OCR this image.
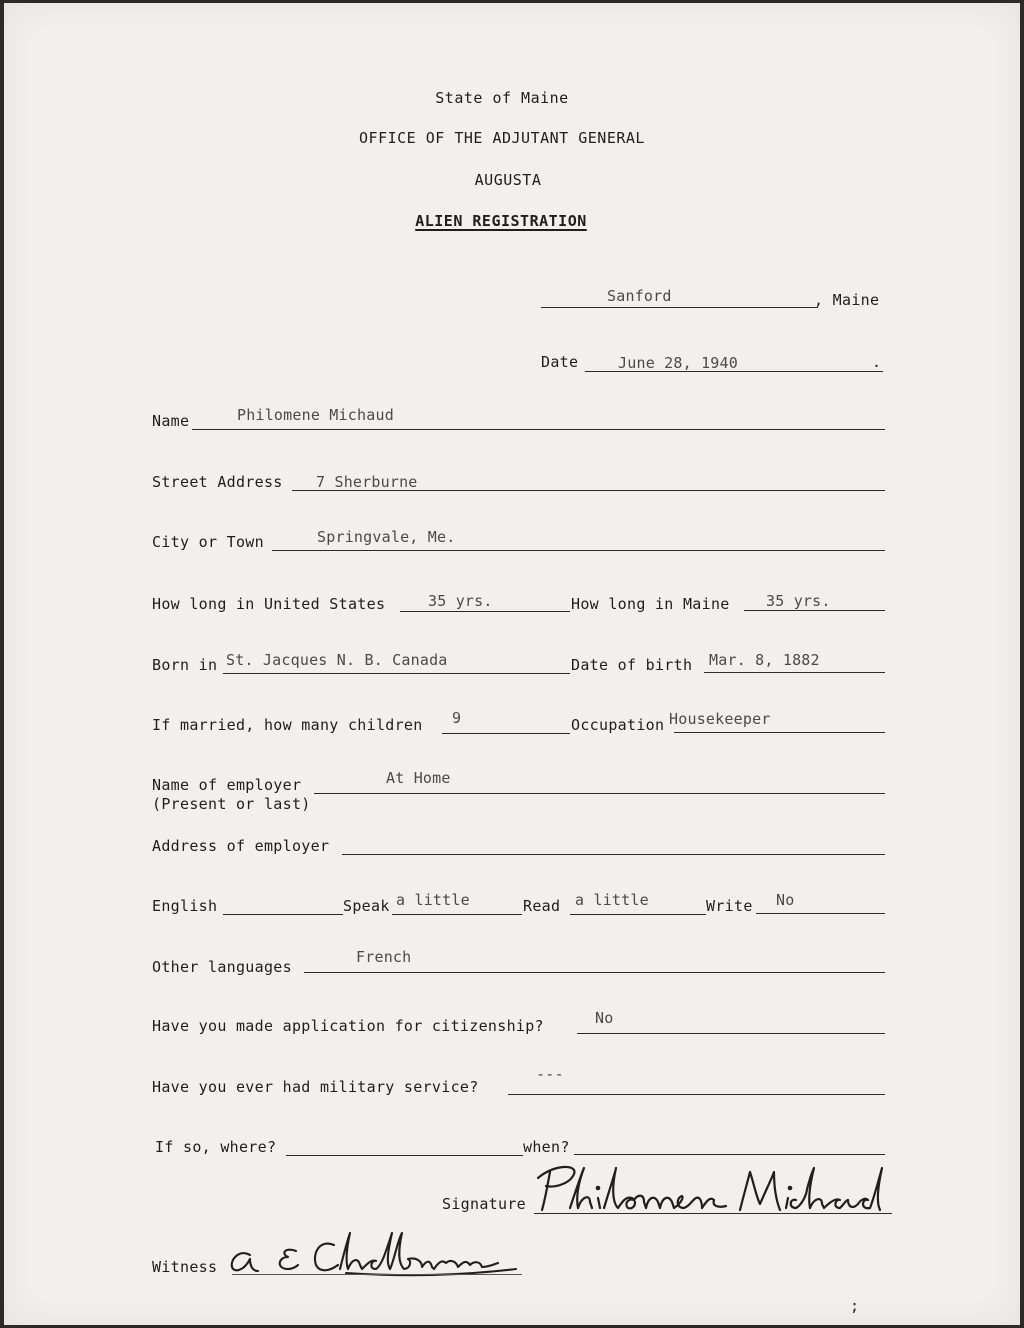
State of Maine
OFFICE OF THE ADJUTANT GENERAL
AUGUSTA
ALIEN REGISTRATION
Sanford	, Maine
Date	June 28, 1940	.
Name	Philomene Michaud
Street Address 7 Sherburne
City or Town	Springvale, Me.
How long in United States	35 yrs.	How long in Maine 35 yrs.
Born in St. Jacques N. B. Canada	Date of birth Mar. 8, 1882
If married, how many children 9	Occupation Housekeeper
Name of employer
(Present or last)
At Home
Address of employer
English	Speak a little	Read a little	Write No
Other languages
French
Have you made application for citizenship?	No
Have you ever had military service?
---
If so, where?	when?
Signature
Witness
;
